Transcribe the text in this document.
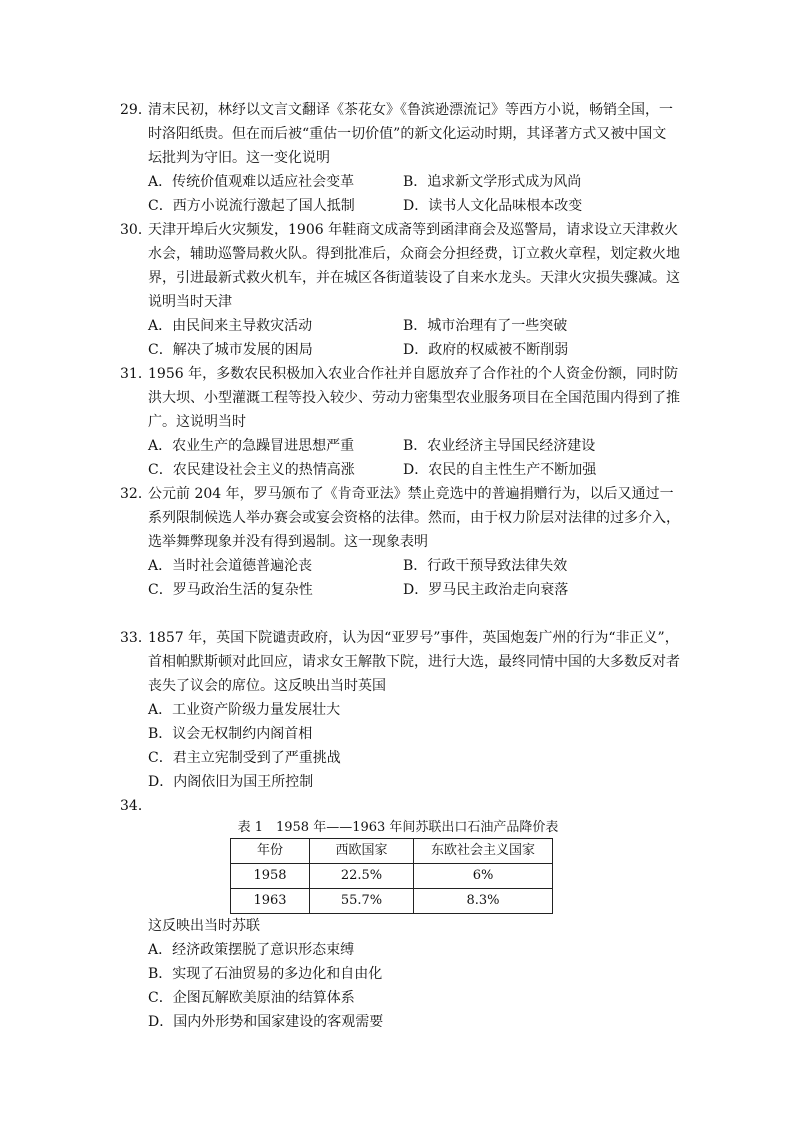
29．清末民初，林纾以文言文翻译《茶花女》《鲁滨逊漂流记》等西方小说，畅销全国，一时洛阳纸贵。但在而后被“重估一切价值”的新文化运动时期，其译著方式又被中国文坛批判为守旧。这一变化说明

A．传统价值观难以适应社会变革	B．追求新文学形式成为风尚
C．西方小说流行激起了国人抵制	D．读书人文化品味根本改变

30．天津开埠后火灾频发，1906 年鞋商文成斋等到函津商会及巡警局，请求设立天津救火水会，辅助巡警局救火队。得到批准后，众商会分担经费，订立救火章程，划定救火地界，引进最新式救火机车，并在城区各街道装设了自来水龙头。天津火灾损失骤减。这说明当时天津

A．由民间来主导救灾活动	B．城市治理有了一些突破
C．解决了城市发展的困局	D．政府的权威被不断削弱

31．1956 年，多数农民积极加入农业合作社并自愿放弃了合作社的个人资金份额，同时防洪大坝、小型灌溉工程等投入较少、劳动力密集型农业服务项目在全国范围内得到了推广。这说明当时

A．农业生产的急躁冒进思想严重	B．农业经济主导国民经济建设
C．农民建设社会主义的热情高涨	D．农民的自主性生产不断加强

32．公元前 204 年，罗马颁布了《肯奇亚法》禁止竞选中的普遍捐赠行为，以后又通过一系列限制候选人举办赛会或宴会资格的法律。然而，由于权力阶层对法律的过多介入，选举舞弊现象并没有得到遏制。这一现象表明

A．当时社会道德普遍沦丧	B．行政干预导致法律失效
C．罗马政治生活的复杂性	D．罗马民主政治走向衰落

33．1857 年，英国下院谴责政府，认为因“亚罗号”事件，英国炮轰广州的行为“非正义”，首相帕默斯顿对此回应，请求女王解散下院，进行大选，最终同情中国的大多数反对者丧失了议会的席位。这反映出当时英国

A．工业资产阶级力量发展壮大
B．议会无权制约内阁首相
C．君主立宪制受到了严重挑战
D．内阁依旧为国王所控制

34．

表 1　1958 年——1963 年间苏联出口石油产品降价表
年份	西欧国家	东欧社会主义国家
1958	22.5%	6%
1963	55.7%	8.3%
这反映出当时苏联
A．经济政策摆脱了意识形态束缚
B．实现了石油贸易的多边化和自由化
C．企图瓦解欧美原油的结算体系
D．国内外形势和国家建设的客观需要
